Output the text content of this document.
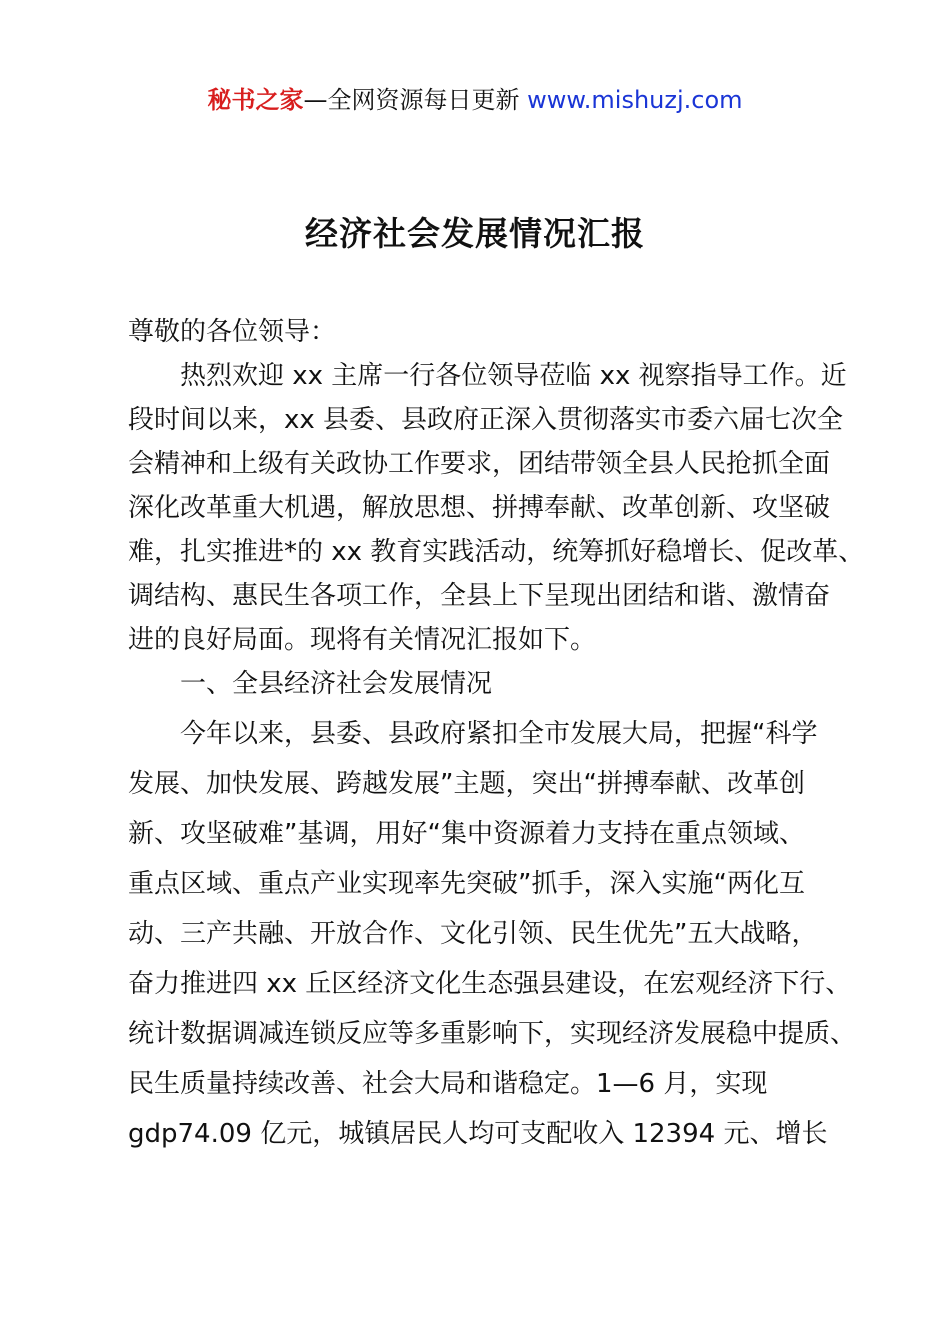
秘书之家—全网资源每日更新 www.mishuzj.com
经济社会发展情况汇报
尊敬的各位领导：
热烈欢迎 xx 主席一行各位领导莅临 xx 视察指导工作。近
段时间以来，xx 县委、县政府正深入贯彻落实市委六届七次全
会精神和上级有关政协工作要求，团结带领全县人民抢抓全面
深化改革重大机遇，解放思想、拼搏奉献、改革创新、攻坚破
难，扎实推进*的 xx 教育实践活动，统筹抓好稳增长、促改革、
调结构、惠民生各项工作，全县上下呈现出团结和谐、激情奋
进的良好局面。现将有关情况汇报如下。
一、全县经济社会发展情况
今年以来，县委、县政府紧扣全市发展大局，把握“科学
发展、加快发展、跨越发展”主题，突出“拼搏奉献、改革创
新、攻坚破难”基调，用好“集中资源着力支持在重点领域、
重点区域、重点产业实现率先突破”抓手，深入实施“两化互
动、三产共融、开放合作、文化引领、民生优先”五大战略，
奋力推进四 xx 丘区经济文化生态强县建设，在宏观经济下行、
统计数据调减连锁反应等多重影响下，实现经济发展稳中提质、
民生质量持续改善、社会大局和谐稳定。1—6 月，实现
gdp74.09 亿元，城镇居民人均可支配收入 12394 元、增长
